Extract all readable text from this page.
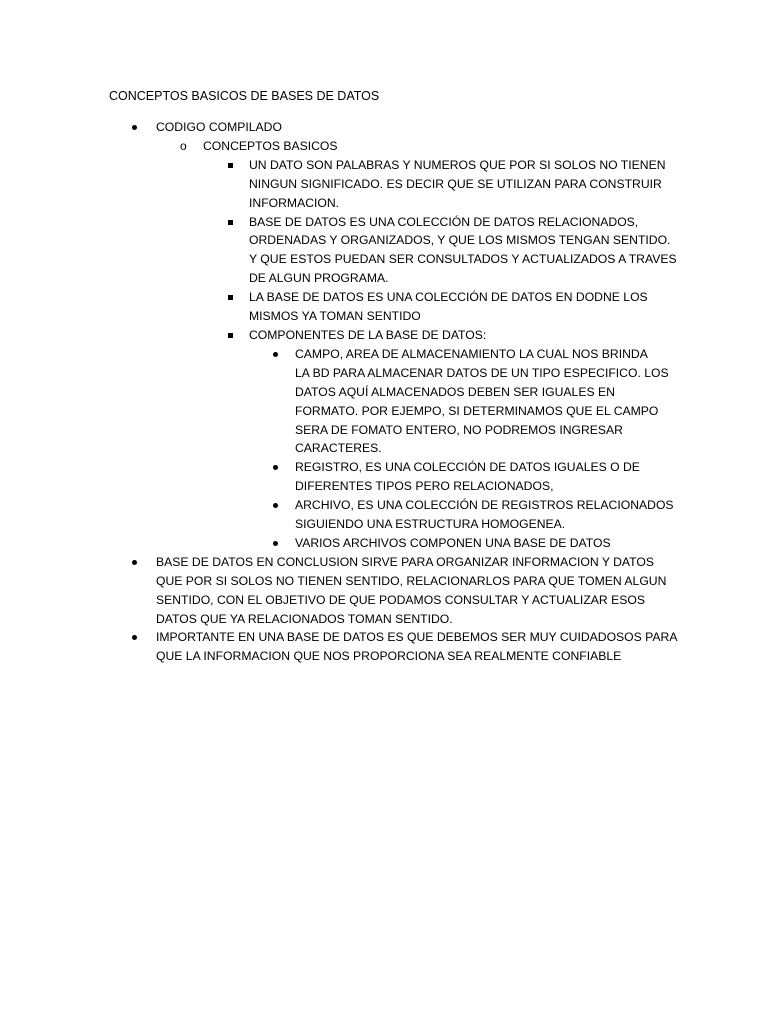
CONCEPTOS BASICOS DE BASES DE DATOS
CODIGO COMPILADO
o CONCEPTOS BASICOS
UN DATO SON PALABRAS Y NUMEROS QUE POR SI SOLOS NO TIENEN
NINGUN SIGNIFICADO. ES DECIR QUE SE UTILIZAN PARA CONSTRUIR
INFORMACION.
BASE DE DATOS ES UNA COLECCIÓN DE DATOS RELACIONADOS,
ORDENADAS Y ORGANIZADOS, Y QUE LOS MISMOS TENGAN SENTIDO.
Y QUE ESTOS PUEDAN SER CONSULTADOS Y ACTUALIZADOS A TRAVES
DE ALGUN PROGRAMA.
LA BASE DE DATOS ES UNA COLECCIÓN DE DATOS EN DODNE LOS
MISMOS YA TOMAN SENTIDO
COMPONENTES DE LA BASE DE DATOS:
CAMPO, AREA DE ALMACENAMIENTO LA CUAL NOS BRINDA
LA BD PARA ALMACENAR DATOS DE UN TIPO ESPECIFICO. LOS
DATOS AQUÍ ALMACENADOS DEBEN SER IGUALES EN
FORMATO. POR EJEMPO, SI DETERMINAMOS QUE EL CAMPO
SERA DE FOMATO ENTERO, NO PODREMOS INGRESAR
CARACTERES.
REGISTRO, ES UNA COLECCIÓN DE DATOS IGUALES O DE
DIFERENTES TIPOS PERO RELACIONADOS,
ARCHIVO, ES UNA COLECCIÓN DE REGISTROS RELACIONADOS
SIGUIENDO UNA ESTRUCTURA HOMOGENEA.
VARIOS ARCHIVOS COMPONEN UNA BASE DE DATOS
BASE DE DATOS EN CONCLUSION SIRVE PARA ORGANIZAR INFORMACION Y DATOS
QUE POR SI SOLOS NO TIENEN SENTIDO, RELACIONARLOS PARA QUE TOMEN ALGUN
SENTIDO, CON EL OBJETIVO DE QUE PODAMOS CONSULTAR Y ACTUALIZAR ESOS
DATOS QUE YA RELACIONADOS TOMAN SENTIDO.
IMPORTANTE EN UNA BASE DE DATOS ES QUE DEBEMOS SER MUY CUIDADOSOS PARA
QUE LA INFORMACION QUE NOS PROPORCIONA SEA REALMENTE CONFIABLE
